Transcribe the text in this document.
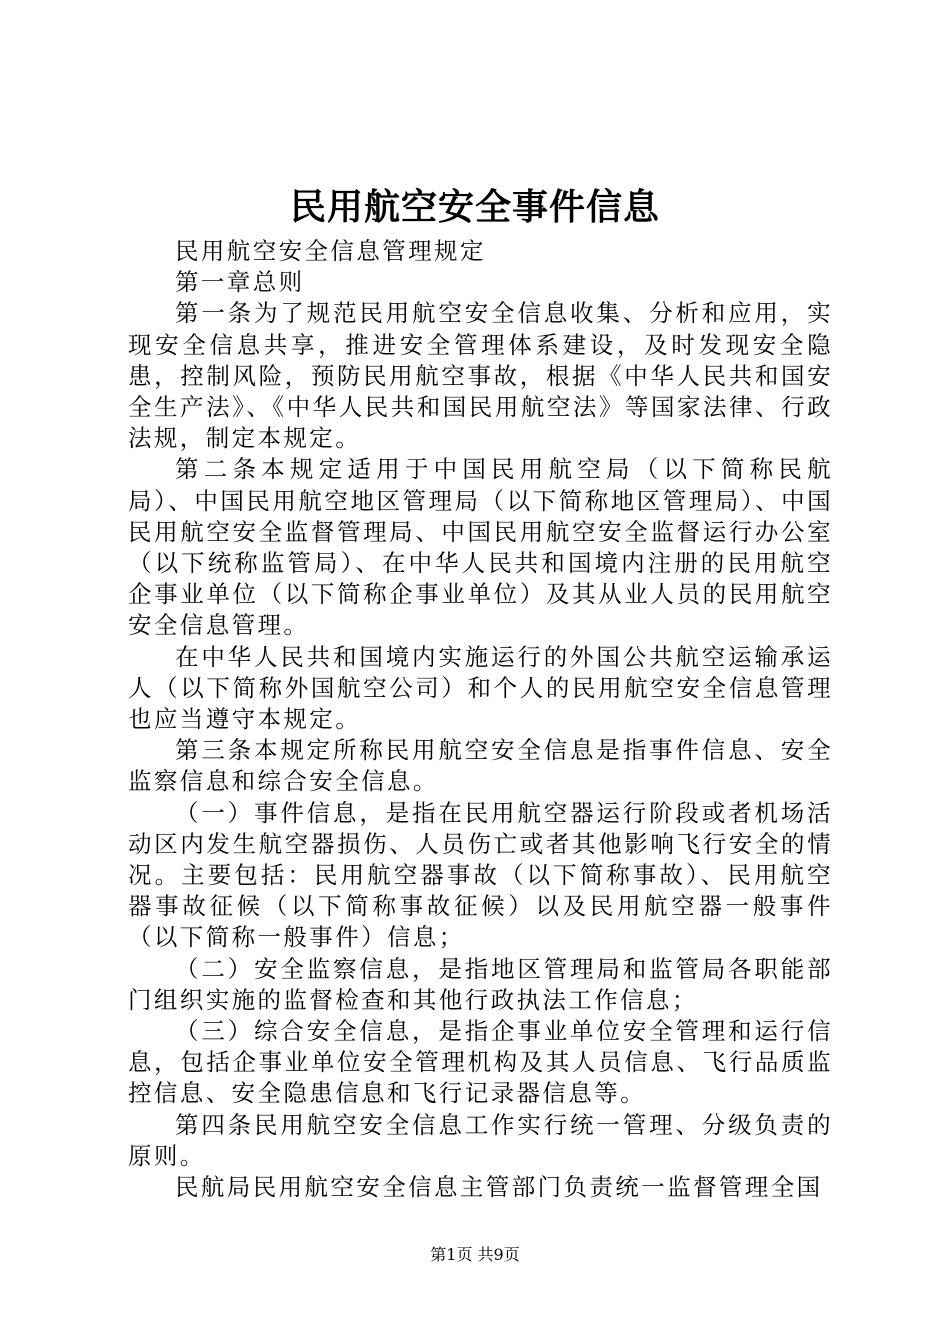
民用航空安全事件信息

民用航空安全信息管理规定

第一章总则

第一条为了规范民用航空安全信息收集、分析和应用，实现安全信息共享，推进安全管理体系建设，及时发现安全隐患，控制风险，预防民用航空事故，根据《中华人民共和国安全生产法》、《中华人民共和国民用航空法》等国家法律、行政法规，制定本规定。

第二条本规定适用于中国民用航空局（以下简称民航局）、中国民用航空地区管理局（以下简称地区管理局）、中国民用航空安全监督管理局、中国民用航空安全监督运行办公室（以下统称监管局）、在中华人民共和国境内注册的民用航空企事业单位（以下简称企事业单位）及其从业人员的民用航空安全信息管理。

在中华人民共和国境内实施运行的外国公共航空运输承运人（以下简称外国航空公司）和个人的民用航空安全信息管理也应当遵守本规定。

第三条本规定所称民用航空安全信息是指事件信息、安全监察信息和综合安全信息。

（一）事件信息，是指在民用航空器运行阶段或者机场活动区内发生航空器损伤、人员伤亡或者其他影响飞行安全的情况。主要包括：民用航空器事故（以下简称事故）、民用航空器事故征候（以下简称事故征候）以及民用航空器一般事件（以下简称一般事件）信息；

（二）安全监察信息，是指地区管理局和监管局各职能部门组织实施的监督检查和其他行政执法工作信息；

（三）综合安全信息，是指企事业单位安全管理和运行信息，包括企事业单位安全管理机构及其人员信息、飞行品质监控信息、安全隐患信息和飞行记录器信息等。

第四条民用航空安全信息工作实行统一管理、分级负责的原则。

民航局民用航空安全信息主管部门负责统一监督管理全国

第1页 共9页
